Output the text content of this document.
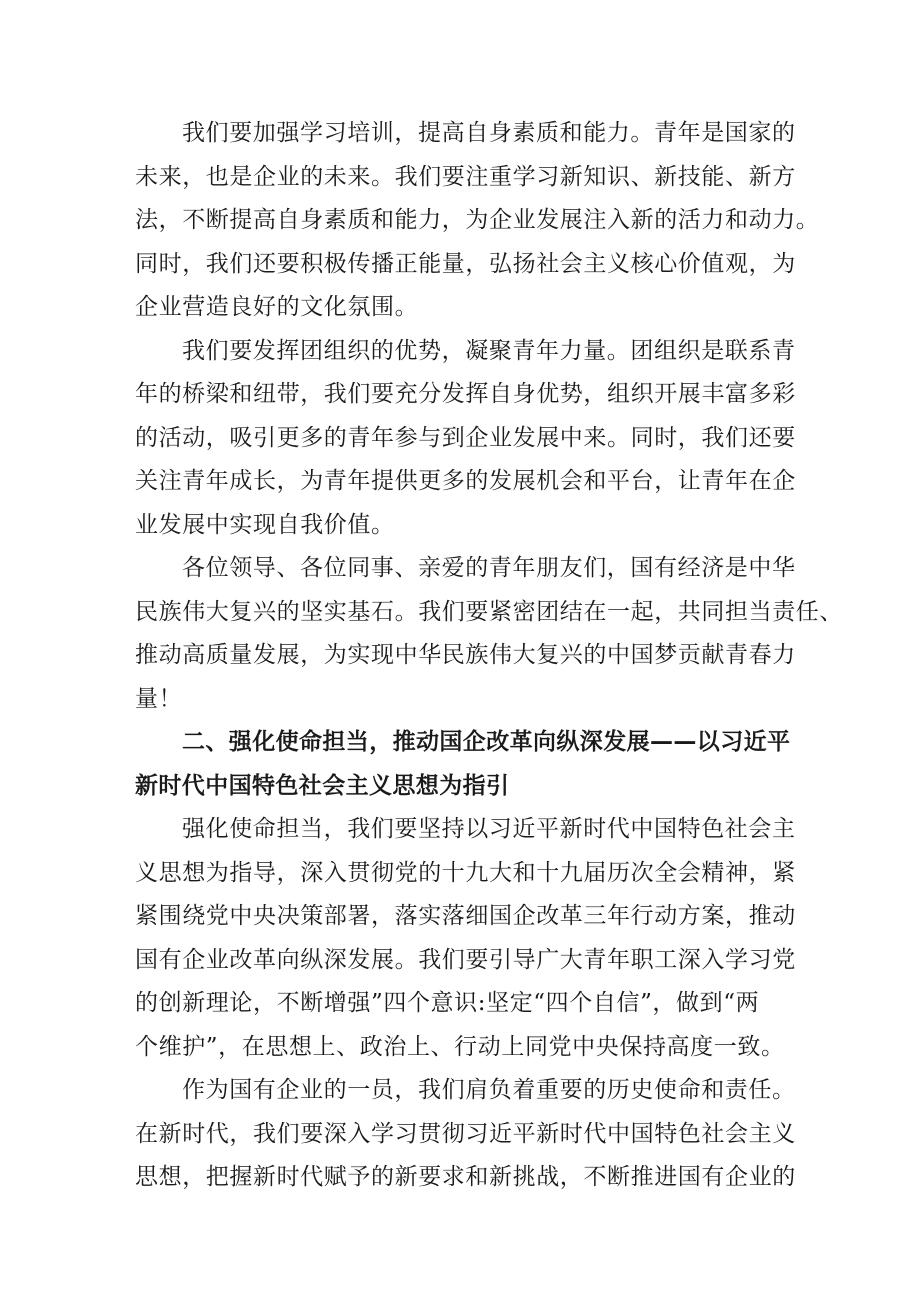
我们要加强学习培训，提高自身素质和能力。青年是国家的
未来，也是企业的未来。我们要注重学习新知识、新技能、新方
法，不断提高自身素质和能力，为企业发展注入新的活力和动力。
同时，我们还要积极传播正能量，弘扬社会主义核心价值观，为
企业营造良好的文化氛围。
我们要发挥团组织的优势，凝聚青年力量。团组织是联系青
年的桥梁和纽带，我们要充分发挥自身优势，组织开展丰富多彩
的活动，吸引更多的青年参与到企业发展中来。同时，我们还要
关注青年成长，为青年提供更多的发展机会和平台，让青年在企
业发展中实现自我价值。
各位领导、各位同事、亲爱的青年朋友们，国有经济是中华
民族伟大复兴的坚实基石。我们要紧密团结在一起，共同担当责任、
推动高质量发展，为实现中华民族伟大复兴的中国梦贡献青春力
量！
二、强化使命担当，推动国企改革向纵深发展——以习近平
新时代中国特色社会主义思想为指引
强化使命担当，我们要坚持以习近平新时代中国特色社会主
义思想为指导，深入贯彻党的十九大和十九届历次全会精神，紧
紧围绕党中央决策部署，落实落细国企改革三年行动方案，推动
国有企业改革向纵深发展。我们要引导广大青年职工深入学习党
的创新理论，不断增强”四个意识:坚定“四个自信”，做到“两
个维护”，在思想上、政治上、行动上同党中央保持高度一致。
作为国有企业的一员，我们肩负着重要的历史使命和责任。
在新时代，我们要深入学习贯彻习近平新时代中国特色社会主义
思想，把握新时代赋予的新要求和新挑战，不断推进国有企业的
